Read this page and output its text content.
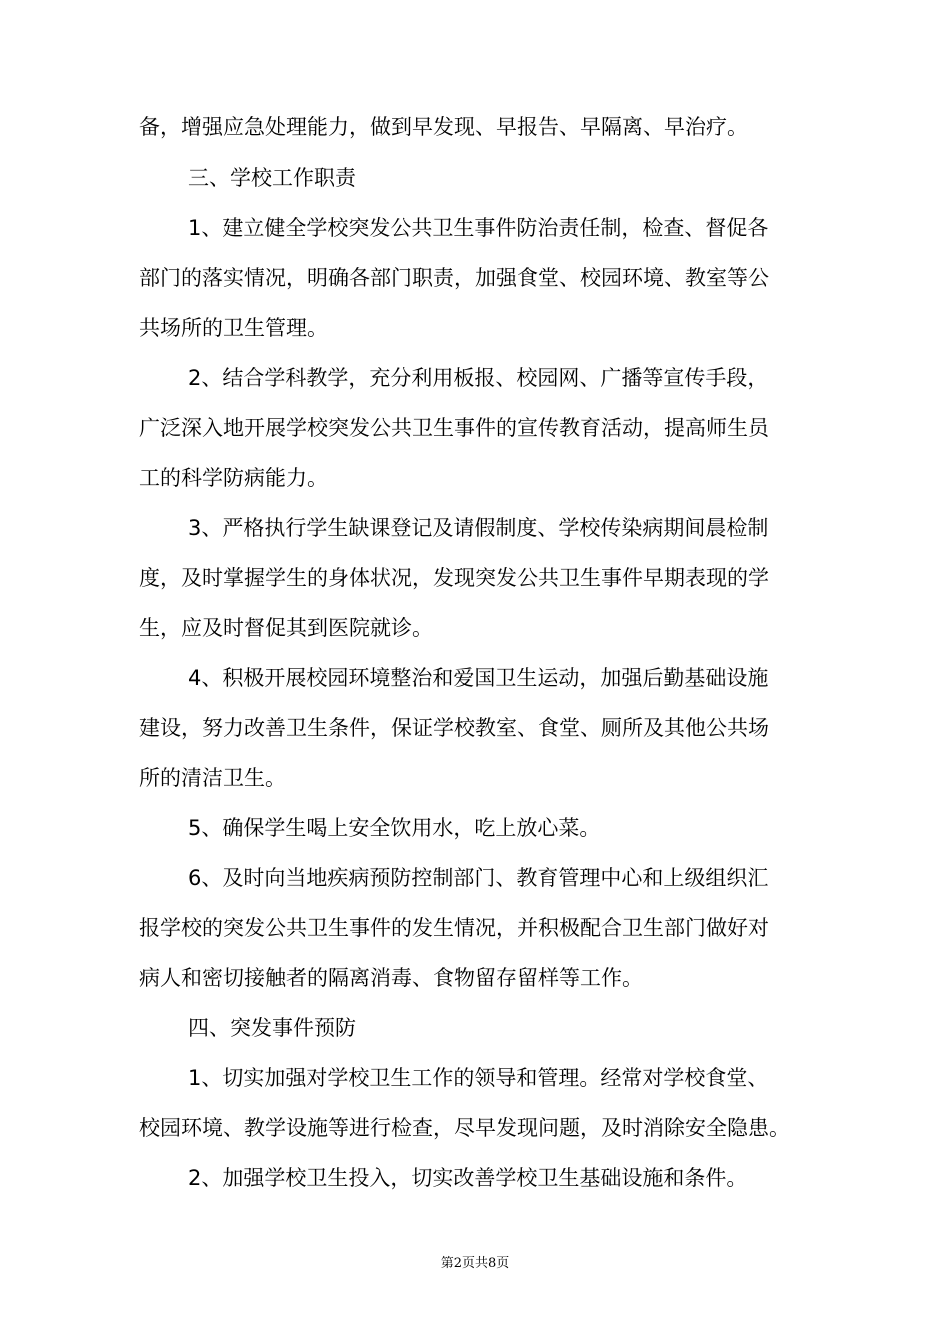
备，增强应急处理能力，做到早发现、早报告、早隔离、早治疗。
三、学校工作职责
1、建立健全学校突发公共卫生事件防治责任制，检查、督促各
部门的落实情况，明确各部门职责，加强食堂、校园环境、教室等公
共场所的卫生管理。
2、结合学科教学，充分利用板报、校园网、广播等宣传手段，
广泛深入地开展学校突发公共卫生事件的宣传教育活动，提高师生员
工的科学防病能力。
3、严格执行学生缺课登记及请假制度、学校传染病期间晨检制
度，及时掌握学生的身体状况，发现突发公共卫生事件早期表现的学
生，应及时督促其到医院就诊。
4、积极开展校园环境整治和爱国卫生运动，加强后勤基础设施
建设，努力改善卫生条件，保证学校教室、食堂、厕所及其他公共场
所的清洁卫生。
5、确保学生喝上安全饮用水，吃上放心菜。
6、及时向当地疾病预防控制部门、教育管理中心和上级组织汇
报学校的突发公共卫生事件的发生情况，并积极配合卫生部门做好对
病人和密切接触者的隔离消毒、食物留存留样等工作。
四、突发事件预防
1、切实加强对学校卫生工作的领导和管理。经常对学校食堂、
校园环境、教学设施等进行检查，尽早发现问题，及时消除安全隐患。
2、加强学校卫生投入，切实改善学校卫生基础设施和条件。
第2页共8页
